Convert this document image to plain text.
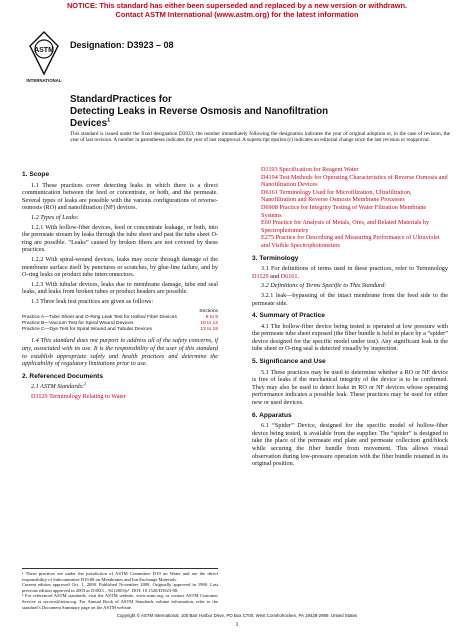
NOTICE: This standard has either been superseded and replaced by a new version or withdrawn.
Contact ASTM International (www.astm.org) for the latest information
ASTM
INTERNATIONAL
Designation: D3923 – 08
StandardPractices for
Detecting Leaks in Reverse Osmosis and Nanofiltration
Devices$^1$
This standard is issued under the fixed designation D3923; the number immediately following the designation indicates the year of original adoption or, in the case of revision, the year of last revision. A number in parentheses indicates the year of last reapproval. A superscript epsilon (ε) indicates an editorial change since the last revision or reapproval.
1. Scope
1.1 These practices cover detecting leaks in which there is a direct communication between the feed or concentrate, or both, and the permeate. Several types of leaks are possible with the various configurations of reverse-osmosis (RO) and nanofiltration (NF) devices.
1.2 Types of Leaks:
1.2.1 With hollow-fiber devices, feed or concentrate leakage, or both, into the permeate stream by leaks through the tube sheet and past the tube sheet O-ring are possible. “Leaks” caused by broken fibers are not covered by these practices.
1.2.2 With spiral-wound devices, leaks may occur through damage of the membrane surface itself by punctures or scratches, by glue-line failure, and by O-ring leaks on product tube interconnectors.
1.2.3 With tubular devices, leaks due to membrane damage, tube end seal leaks, and leaks from broken tubes or product headers are possible.
1.3 Three leak test practices are given as follows:
Sections
Practice A—Tube Sheet and O-Ring Leak Test for Hollow Fiber Devices	8 to 9
Practice B—Vacuum Test for Spiral Wound Devices	10 to 12
Practice C—Dye Test for Spiral Wound and Tubular Devices	13 to 18
1.4 This standard does not purport to address all of the safety concerns, if any, associated with its use. It is the responsibility of the user of this standard to establish appropriate safety and health practices and determine the applicability of regulatory limitations prior to use.
2. Referenced Documents
2.1 ASTM Standards:$^2$
D1129 Terminology Relating to Water
¹ These practices are under the jurisdiction of ASTM Committee D19 on Water and are the direct responsibility of Subcommittee D19.08 on Membranes and Ion Exchange Materials.
Current edition approved Oct. 1, 2008. Published November 2008. Originally approved in 1980. Last previous edition approved in 2003 as D3923 – 94 (2003)ε¹. DOI: 10.1520/D3923-08.
² For referenced ASTM standards, visit the ASTM website, www.astm.org, or contact ASTM Customer Service at service@astm.org. For Annual Book of ASTM Standards volume information, refer to the standard’s Document Summary page on the ASTM website.
D1193 Specification for Reagent Water
D4194 Test Methods for Operating Characteristics of Reverse Osmosis and Nanofiltration Devices
D6161 Terminology Used for Microfiltration, Ultrafiltration, Nanofiltration and Reverse Osmosis Membrane Processes
D6908 Practice for Integrity Testing of Water Filtration Membrane Systems
E60 Practice for Analysis of Metals, Ores, and Related Materials by Spectrophotometry
E275 Practice for Describing and Measuring Performance of Ultraviolet and Visible Spectrophotometers
3. Terminology
3.1 For definitions of terms used in these practices, refer to Terminology D1129 and D6161.
3.2 Definitions of Terms Specific to This Standard:
3.2.1 leak—bypassing of the intact membrane from the feed side to the permeate side.
4. Summary of Practice
4.1 The hollow-fiber device being tested is operated at low pressure with the permeate tube sheet exposed (the fiber bundle is held in place by a “spider” device designed for the specific model under test). Any significant leak in the tube sheet or O-ring seal is detected visually by inspection.
5. Significance and Use
5.1 These practices may be used to determine whether a RO or NF device is free of leaks if the mechanical integrity of the device is to be confirmed. They may also be used to detect leaks in RO or NF devices whose operating performance indicates a possible leak. These practices may be used for either new or used devices.
6. Apparatus
6.1 “Spider” Device, designed for the specific model of hollow-fiber device being tested, is available from the supplier. The “spider” is designed to take the place of the permeate end plate and permeate collection grid/block while securing the fiber bundle from movement. This allows visual observation during low-pressure operation with the fiber bundle retained in its original position.
Copyright © ASTM International, 100 Barr Harbor Drive, PO Box C700, West Conshohocken, PA 19428-2959. United States
1
